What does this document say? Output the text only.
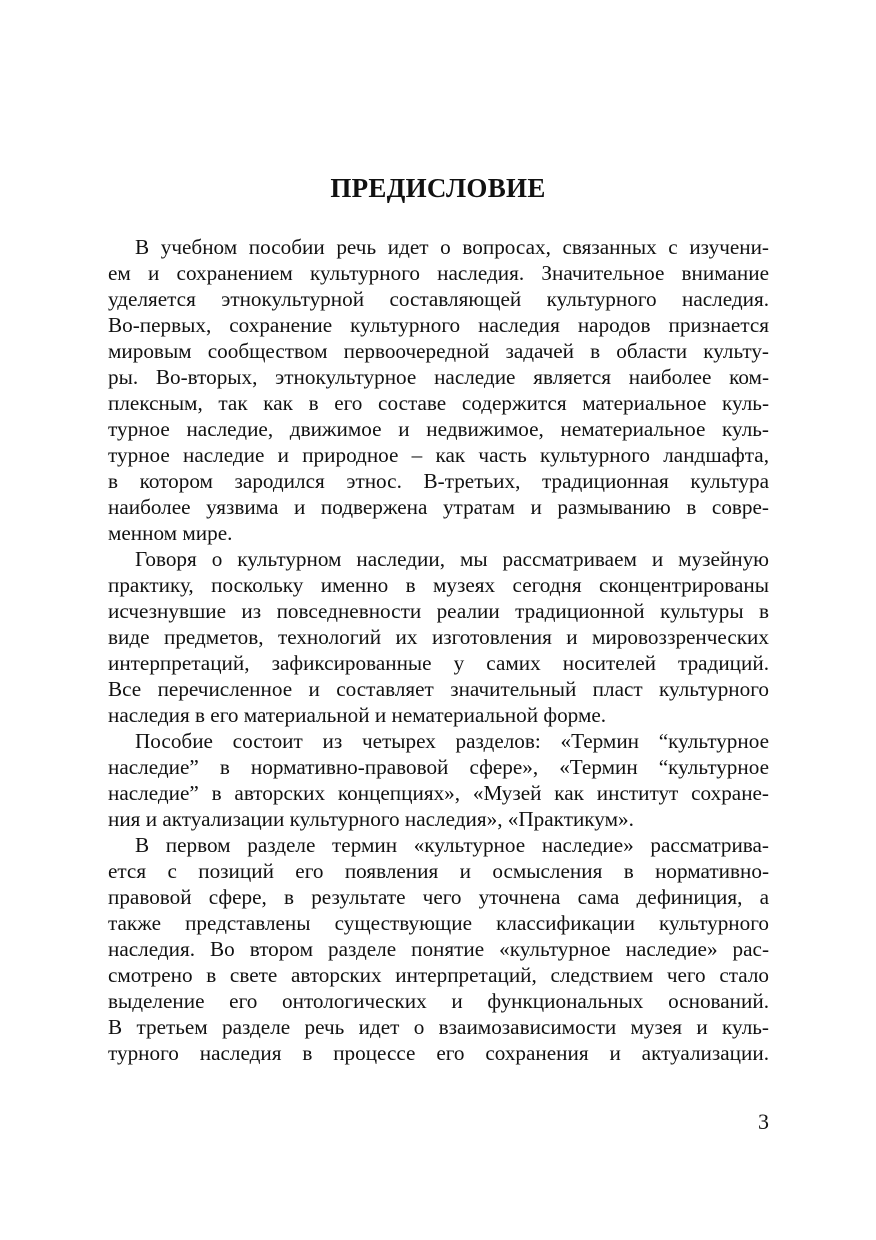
ПРЕДИСЛОВИЕ
В учебном пособии речь идет о вопросах, связанных с изучени-
ем и сохранением культурного наследия. Значительное внимание
уделяется этнокультурной составляющей культурного наследия.
Во-первых, сохранение культурного наследия народов признается
мировым сообществом первоочередной задачей в области культу-
ры. Во-вторых, этнокультурное наследие является наиболее ком-
плексным, так как в его составе содержится материальное куль-
турное наследие, движимое и недвижимое, нематериальное куль-
турное наследие и природное – как часть культурного ландшафта,
в котором зародился этнос. В-третьих, традиционная культура
наиболее уязвима и подвержена утратам и размыванию в совре-
менном мире.
Говоря о культурном наследии, мы рассматриваем и музейную
практику, поскольку именно в музеях сегодня сконцентрированы
исчезнувшие из повседневности реалии традиционной культуры в
виде предметов, технологий их изготовления и мировоззренческих
интерпретаций, зафиксированные у самих носителей традиций.
Все перечисленное и составляет значительный пласт культурного
наследия в его материальной и нематериальной форме.
Пособие состоит из четырех разделов: «Термин “культурное
наследие” в нормативно-правовой сфере», «Термин “культурное
наследие” в авторских концепциях», «Музей как институт сохране-
ния и актуализации культурного наследия», «Практикум».
В первом разделе термин «культурное наследие» рассматрива-
ется с позиций его появления и осмысления в нормативно-
правовой сфере, в результате чего уточнена сама дефиниция, а
также представлены существующие классификации культурного
наследия. Во втором разделе понятие «культурное наследие» рас-
смотрено в свете авторских интерпретаций, следствием чего стало
выделение его онтологических и функциональных оснований.
В третьем разделе речь идет о взаимозависимости музея и куль-
турного наследия в процессе его сохранения и актуализации.
3
